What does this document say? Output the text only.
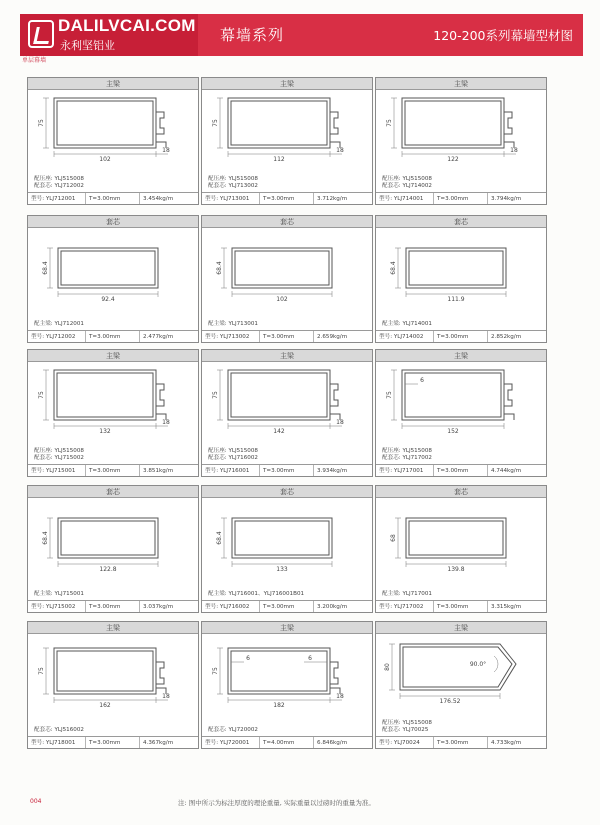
DALILVCAI.COM
永利坚铝业
幕墙系列	120-200系列幕墙型材图
单层幕墙
主梁
102
18
75
配压座: YLJ515008
配套芯: YLJ712002
型号: YLJ712001	T=3.00mm	3.454kg/m
主梁
112
18
75
配压座: YLJ515008
配套芯: YLJ713002
型号: YLJ713001	T=3.00mm	3.712kg/m
主梁
122
18
75
配压座: YLJ515008
配套芯: YLJ714002
型号: YLJ714001	T=3.00mm	3.794kg/m
套芯
92.4
68.4
配主梁: YLJ712001
型号: YLJ712002	T=3.00mm	2.477kg/m
套芯
102
68.4
配主梁: YLJ713001
型号: YLJ713002	T=3.00mm	2.659kg/m
套芯
111.9
68.4
配主梁: YLJ714001
型号: YLJ714002	T=3.00mm	2.852kg/m
主梁
132
18
75
配压座: YLJ515008
配套芯: YLJ715002
型号: YLJ715001	T=3.00mm	3.851kg/m
主梁
142
18
75
配压座: YLJ515008
配套芯: YLJ716002
型号: YLJ716001	T=3.00mm	3.934kg/m
主梁
152
75
6
配压座: YLJ515008
配套芯: YLJ717002
型号: YLJ717001	T=3.00mm	4.744kg/m
套芯
122.8
68.4
配主梁: YLJ715001
型号: YLJ715002	T=3.00mm	3.037kg/m
套芯
133
68.4
配主梁: YLJ716001、YLJ716001B01
型号: YLJ716002	T=3.00mm	3.200kg/m
套芯
139.8
68
配主梁: YLJ717001
型号: YLJ717002	T=3.00mm	3.315kg/m
主梁
162
18
75
配套芯: YLJ516002
型号: YLJ718001	T=3.00mm	4.367kg/m
主梁
182
18
75
6	6
配套芯: YLJ720002
型号: YLJ720001	T=4.00mm	6.846kg/m
主梁
90.0°
176.52
80
配压座: YLJ515008
配套芯: YLJ70025
型号: YLJ70024	T=3.00mm	4.733kg/m
004	注: 图中所示为标注厚度的理论重量, 实际重量以过磅时的重量为准。
